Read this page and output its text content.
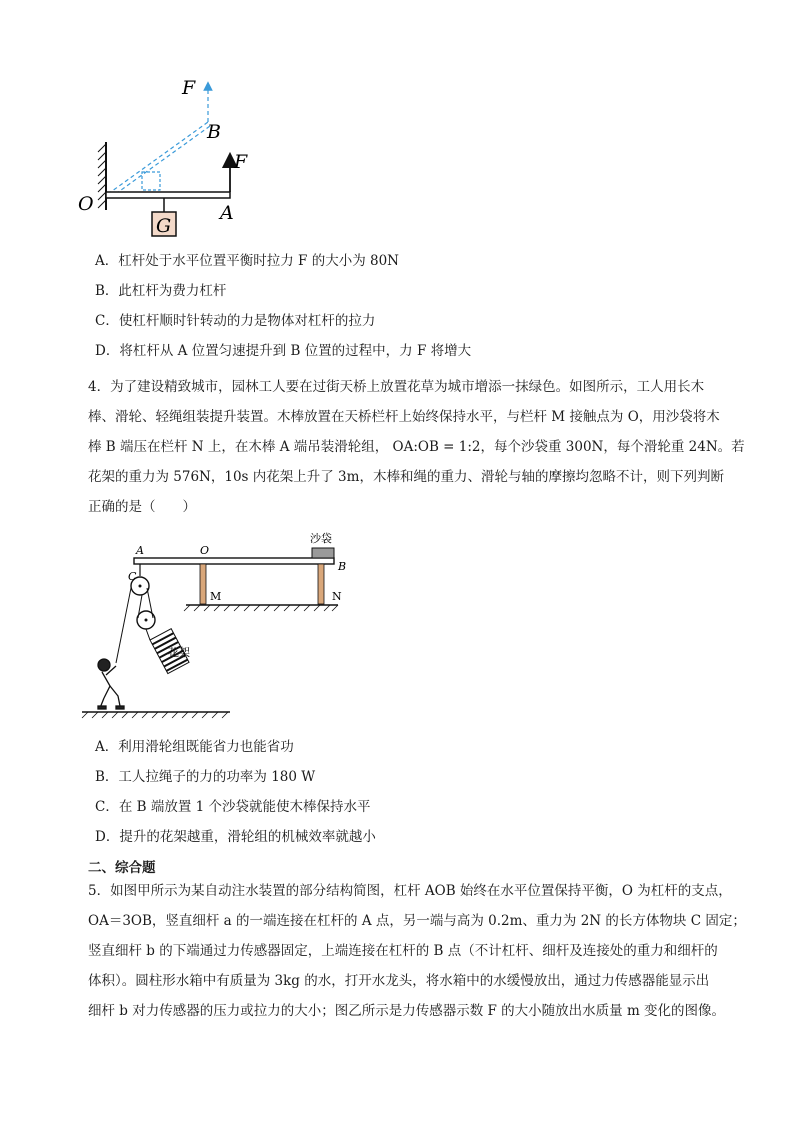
F
B
F
O	A
G
A．杠杆处于水平位置平衡时拉力 F 的大小为 80N
B．此杠杆为费力杠杆
C．使杠杆顺时针转动的力是物体对杠杆的拉力
D．将杠杆从 A 位置匀速提升到 B 位置的过程中，力 F 将增大
4．为了建设精致城市，园林工人要在过街天桥上放置花草为城市增添一抹绿色。如图所示，工人用长木
棒、滑轮、轻绳组装提升装置。木棒放置在天桥栏杆上始终保持水平，与栏杆 M 接触点为 O，用沙袋将木
棒 B 端压在栏杆 N 上，在木棒 A 端吊装滑轮组， OA:OB = 1:2，每个沙袋重 300N，每个滑轮重 24N。若
花架的重力为 576N，10s 内花架上升了 3m，木棒和绳的重力、滑轮与轴的摩擦均忽略不计，则下列判断
正确的是（　　）
A	O
沙袋
B
C
M	N
花架
A．利用滑轮组既能省力也能省功
B．工人拉绳子的力的功率为 180 W
C．在 B 端放置 1 个沙袋就能使木棒保持水平
D．提升的花架越重，滑轮组的机械效率就越小
二、综合题
5．如图甲所示为某自动注水装置的部分结构简图，杠杆 AOB 始终在水平位置保持平衡，O 为杠杆的支点，
OA＝3OB，竖直细杆 a 的一端连接在杠杆的 A 点，另一端与高为 0.2m、重力为 2N 的长方体物块 C 固定；
竖直细杆 b 的下端通过力传感器固定，上端连接在杠杆的 B 点（不计杠杆、细杆及连接处的重力和细杆的
体积）。圆柱形水箱中有质量为 3kg 的水，打开水龙头，将水箱中的水缓慢放出，通过力传感器能显示出
细杆 b 对力传感器的压力或拉力的大小；图乙所示是力传感器示数 F 的大小随放出水质量 m 变化的图像。
